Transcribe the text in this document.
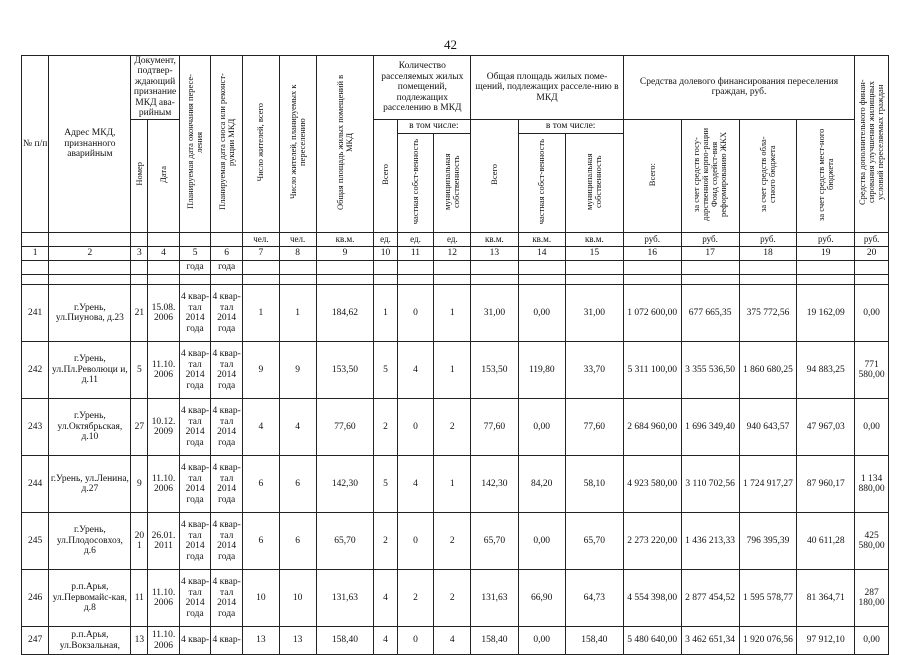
42
№ п/п	Адрес МКД, признанного аварийным	Документ, подтвер-ждающий признание МКД ава-рийным		Планируемая дата окончания пересе-ления	Планируемая дата сноса или реконст-рукции МКД	Число жителей, всего	Число жителей, планируемых к переселению	Общая площадь жилых помещений в МКД	Количество расселяемых жилых помещений, подлежащих расселению в МКД			Общая площадь жилых поме-щений, подлежащих расселе-нию в МКД			Средства долевого финансирования переселения граждан, руб.				Средства дополнительного финан-сирования улучшения жилищных условий переселяемых граждан
		Номер	Дата						Всего	в том числе:		Всего	в том числе:		Всего:	за счет средств госу-дарственной корпо-рации Фонд содейст-вия реформированию ЖКХ	за счет средств обла-стного бюджета	за счет средств мест-ного бюджета	
										частная собст-венность	муниципальная собственность		частная собст-венность	муниципальная собственность					
						чел.	чел.	кв.м.	ед.	ед.	ед.	кв.м.	кв.м.	кв.м.	руб.	руб.	руб.	руб.	руб.
1	2	3	4	5	6	7	8	9	10	11	12	13	14	15	16	17	18	19	20
				года	года														

241	г.Урень, ул.Пиунова, д.23	21	15.08. 2006	4 квар-тал 2014 года	4 квар-тал 2014 года	1	1	184,62	1	0	1	31,00	0,00	31,00	1 072 600,00	677 665,35	375 772,56	19 162,09	0,00
242	г.Урень, ул.Пл.Революци и, д.11	5	11.10. 2006	4 квар-тал 2014 года	4 квар-тал 2014 года	9	9	153,50	5	4	1	153,50	119,80	33,70	5 311 100,00	3 355 536,50	1 860 680,25	94 883,25	771 580,00
243	г.Урень, ул.Октябрьская, д.10	27	10.12. 2009	4 квар-тал 2014 года	4 квар-тал 2014 года	4	4	77,60	2	0	2	77,60	0,00	77,60	2 684 960,00	1 696 349,40	940 643,57	47 967,03	0,00
244	г.Урень, ул.Ленина, д.27	9	11.10. 2006	4 квар-тал 2014 года	4 квар-тал 2014 года	6	6	142,30	5	4	1	142,30	84,20	58,10	4 923 580,00	3 110 702,56	1 724 917,27	87 960,17	1 134 880,00
245	г.Урень, ул.Плодосовхоз, д.6	20 1	26.01. 2011	4 квар-тал 2014 года	4 квар-тал 2014 года	6	6	65,70	2	0	2	65,70	0,00	65,70	2 273 220,00	1 436 213,33	796 395,39	40 611,28	425 580,00
246	р.п.Арья, ул.Первомайс-кая, д.8	11	11.10. 2006	4 квар-тал 2014 года	4 квар-тал 2014 года	10	10	131,63	4	2	2	131,63	66,90	64,73	4 554 398,00	2 877 454,52	1 595 578,77	81 364,71	287 180,00
247	р.п.Арья, ул.Вокзальная,	13	11.10. 2006	4 квар-	4 квар-	13	13	158,40	4	0	4	158,40	0,00	158,40	5 480 640,00	3 462 651,34	1 920 076,56	97 912,10	0,00
